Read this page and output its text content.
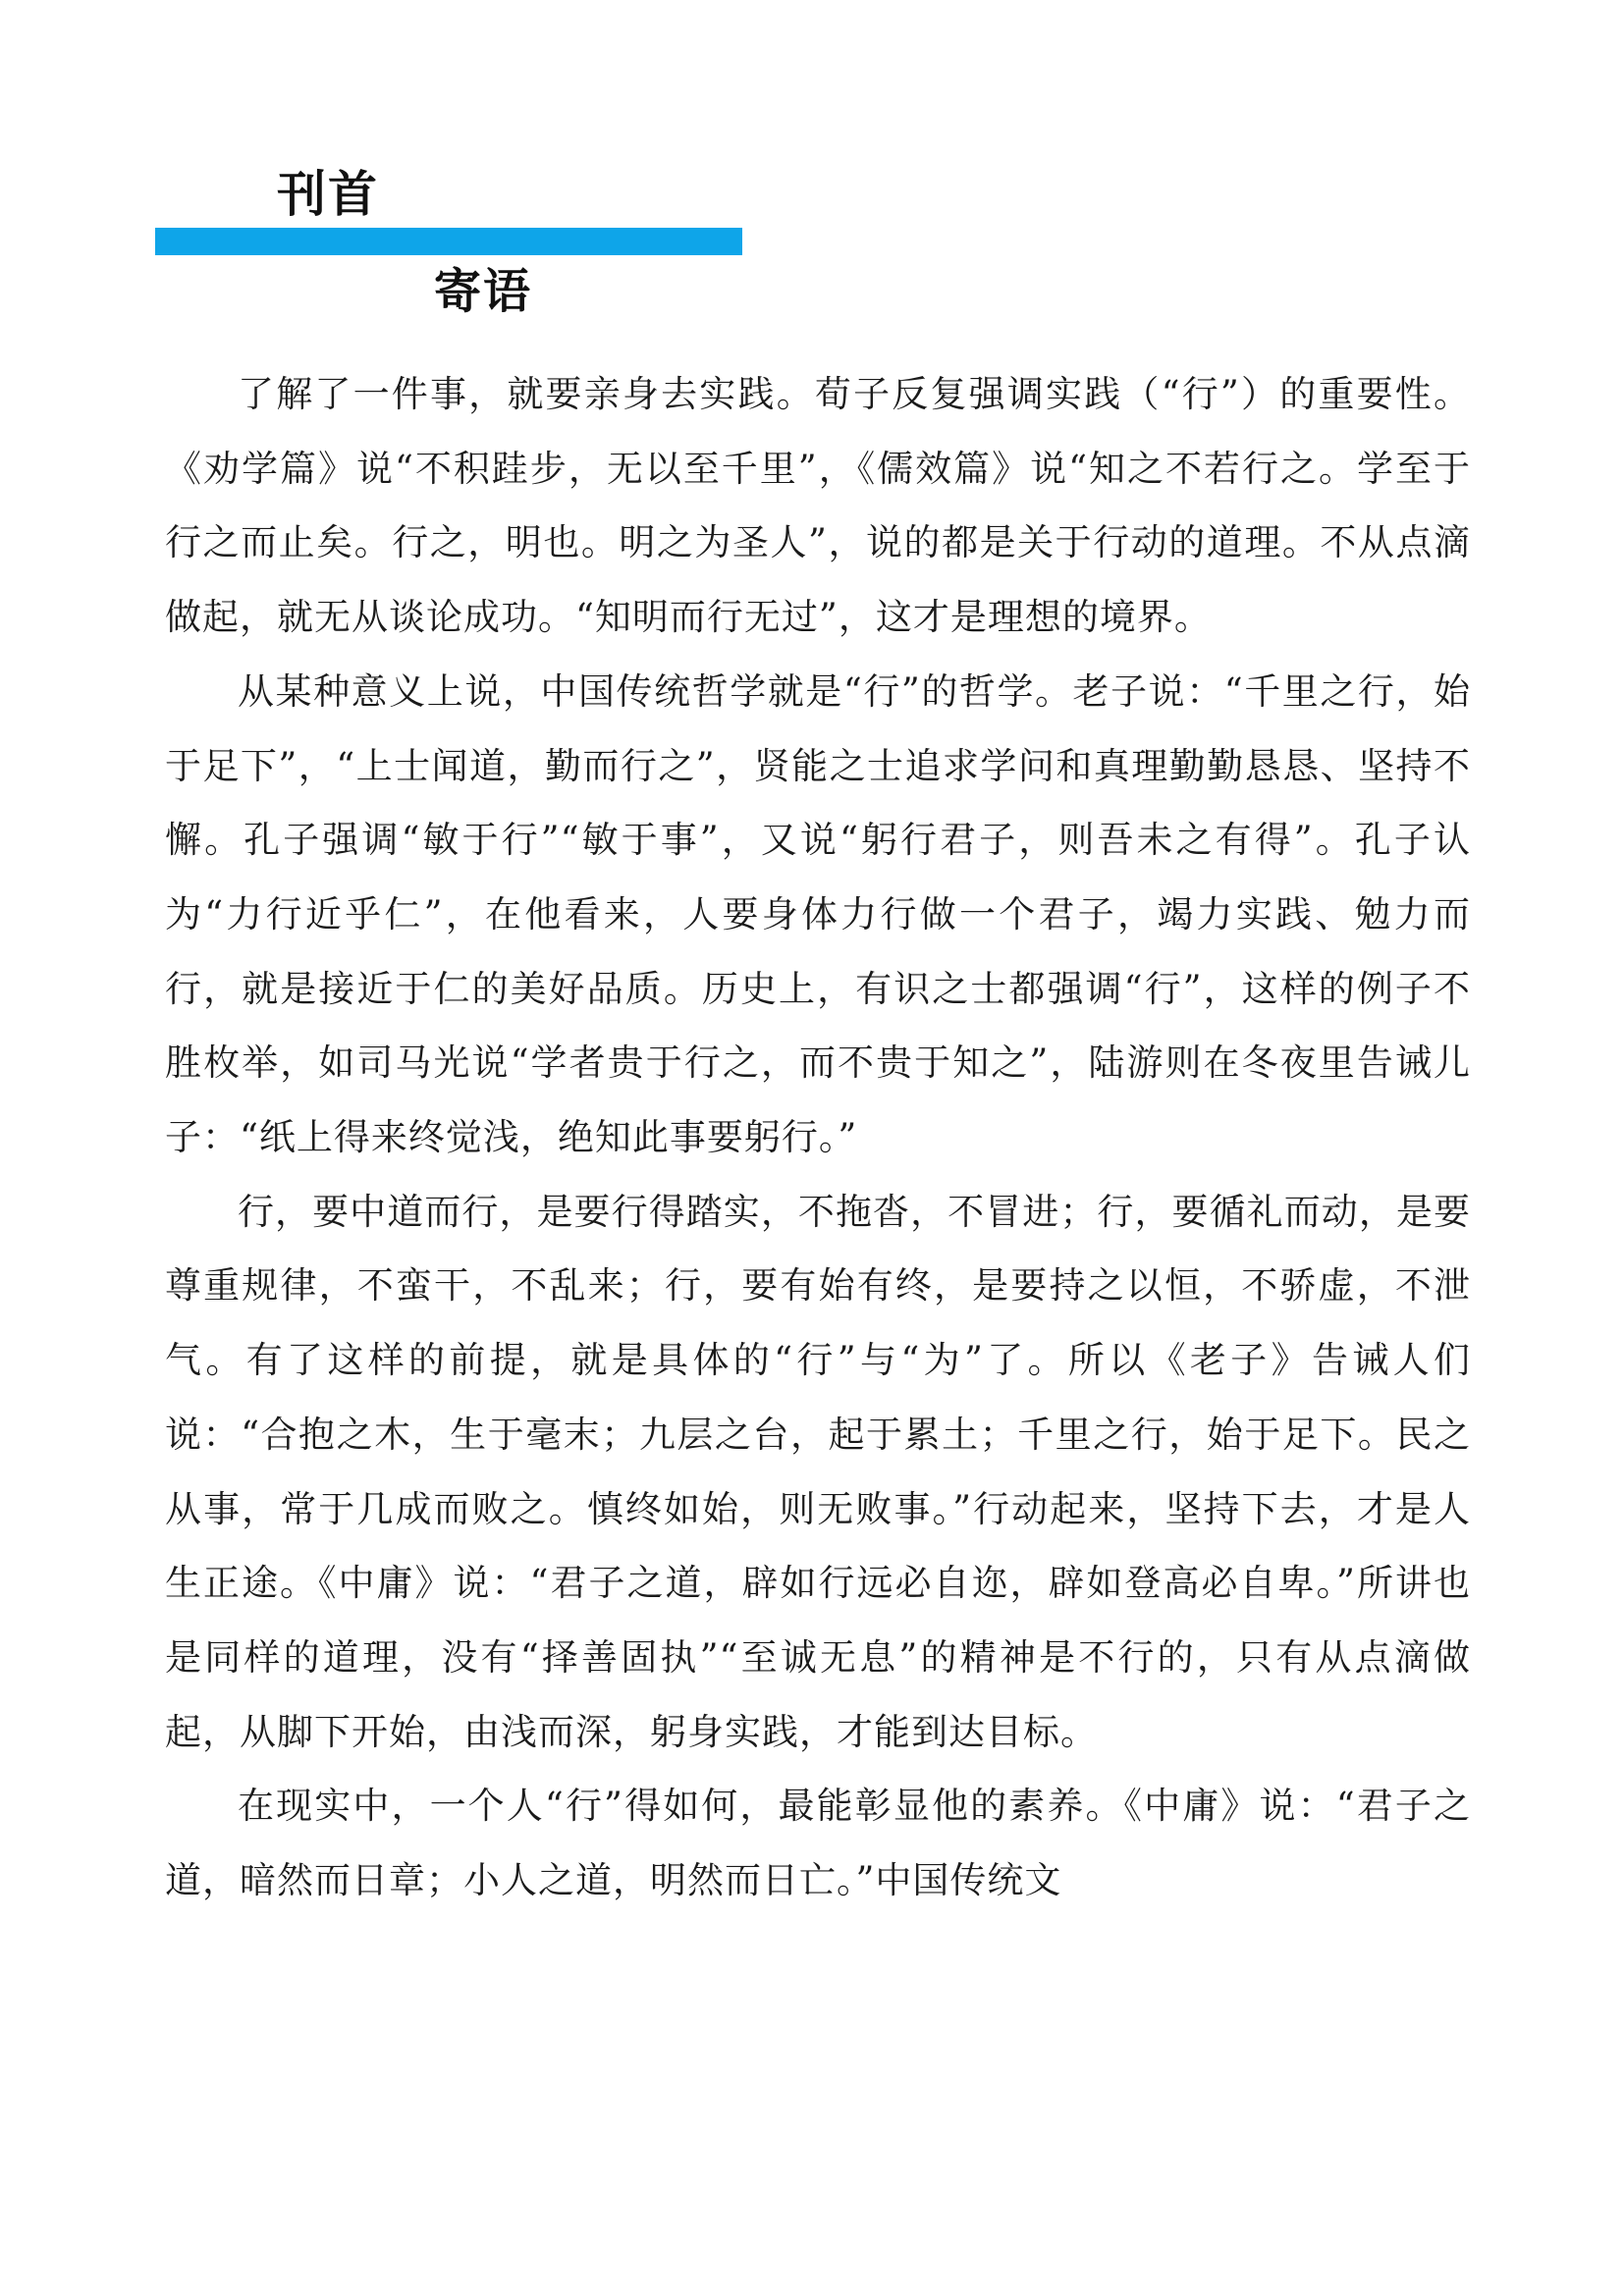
刊首
寄语

了解了一件事，就要亲身去实践。荀子反复强调实践（“行”）的重要性。《劝学篇》说“不积跬步，无以至千里”，《儒效篇》说“知之不若行之。学至于行之而止矣。行之，明也。明之为圣人”，说的都是关于行动的道理。不从点滴做起，就无从谈论成功。“知明而行无过”，这才是理想的境界。

从某种意义上说，中国传统哲学就是“行”的哲学。老子说：“千里之行，始于足下”，“上士闻道，勤而行之”，贤能之士追求学问和真理勤勤恳恳、坚持不懈。孔子强调“敏于行”“敏于事”，又说“躬行君子，则吾未之有得”。孔子认为“力行近乎仁”，在他看来，人要身体力行做一个君子，竭力实践、勉力而行，就是接近于仁的美好品质。历史上，有识之士都强调“行”，这样的例子不胜枚举，如司马光说“学者贵于行之，而不贵于知之”，陆游则在冬夜里告诫儿子：“纸上得来终觉浅，绝知此事要躬行。”

行，要中道而行，是要行得踏实，不拖沓，不冒进；行，要循礼而动，是要尊重规律，不蛮干，不乱来；行，要有始有终，是要持之以恒，不骄虚，不泄气。有了这样的前提，就是具体的“行”与“为”了。所以《老子》告诫人们说：“合抱之木，生于毫末；九层之台，起于累土；千里之行，始于足下。民之从事，常于几成而败之。慎终如始，则无败事。”行动起来，坚持下去，才是人生正途。《中庸》说：“君子之道，辟如行远必自迩，辟如登高必自卑。”所讲也是同样的道理，没有“择善固执”“至诚无息”的精神是不行的，只有从点滴做起，从脚下开始，由浅而深，躬身实践，才能到达目标。

在现实中，一个人“行”得如何，最能彰显他的素养。《中庸》说：“君子之道，暗然而日章；小人之道，明然而日亡。”中国传统文
